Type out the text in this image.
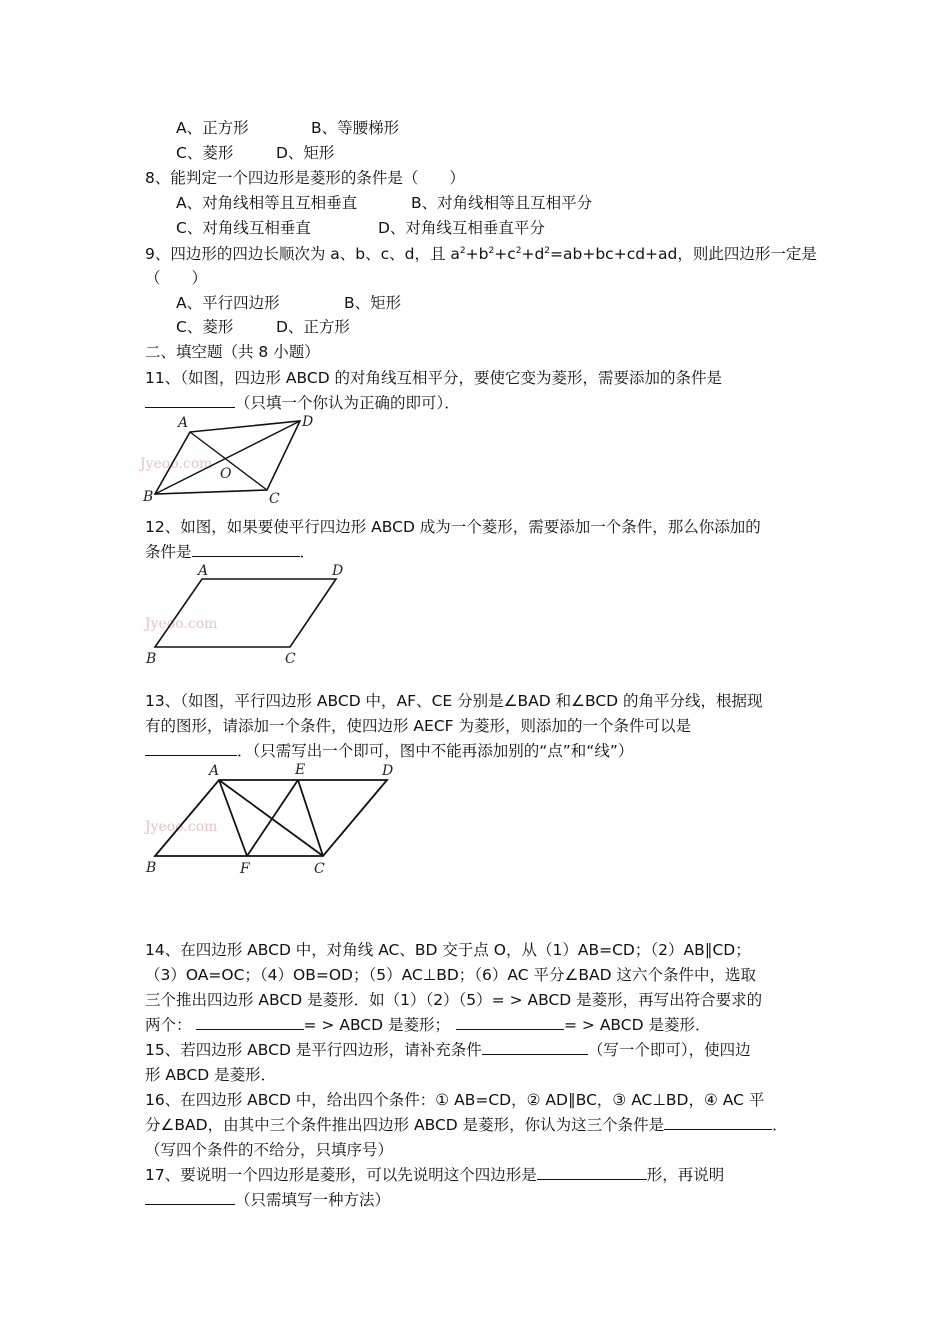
A、正方形	B、等腰梯形
C、菱形	D、矩形
8、能判定一个四边形是菱形的条件是（　　）
A、对角线相等且互相垂直	B、对角线相等且互相平分
C、对角线互相垂直	D、对角线互相垂直平分
9、四边形的四边长顺次为 a、b、c、d，且 $a^2+b^2+c^2+d^2=ab+bc+cd+ad$，则此四边形一定是
（　　）
A、平行四边形	B、矩形
C、菱形	D、正方形
二、填空题（共 8 小题）
11、（如图，四边形 ABCD 的对角线互相平分，要使它变为菱形，需要添加的条件是
（只填一个你认为正确的即可）．
Jyeoo.com
A	D
B	C
O
12、如图，如果要使平行四边形 ABCD 成为一个菱形，需要添加一个条件，那么你添加的
条件是	．
Jyeoo.com
A	D
B	C
13、（如图，平行四边形 ABCD 中，AF、CE 分别是∠BAD 和∠BCD 的角平分线，根据现
有的图形，请添加一个条件，使四边形 AECF 为菱形，则添加的一个条件可以是
．（只需写出一个即可，图中不能再添加别的“点”和“线”）
Jyeoo.com
A	E	D
B	F	C
14、在四边形 ABCD 中，对角线 AC、BD 交于点 O，从（1）AB=CD；（2）AB∥CD；
（3）OA=OC；（4）OB=OD；（5）AC⊥BD；（6）AC 平分∠BAD 这六个条件中，选取
三个推出四边形 ABCD 是菱形．如（1）（2）（5）= > ABCD 是菱形，再写出符合要求的
两个：	= > ABCD 是菱形；	= > ABCD 是菱形．
15、若四边形 ABCD 是平行四边形，请补充条件	（写一个即可），使四边
形 ABCD 是菱形．
16、在四边形 ABCD 中，给出四个条件：① AB=CD，② AD∥BC，③ AC⊥BD，④ AC 平
分∠BAD，由其中三个条件推出四边形 ABCD 是菱形，你认为这三个条件是	．
（写四个条件的不给分，只填序号）
17、要说明一个四边形是菱形，可以先说明这个四边形是	形，再说明
（只需填写一种方法）
